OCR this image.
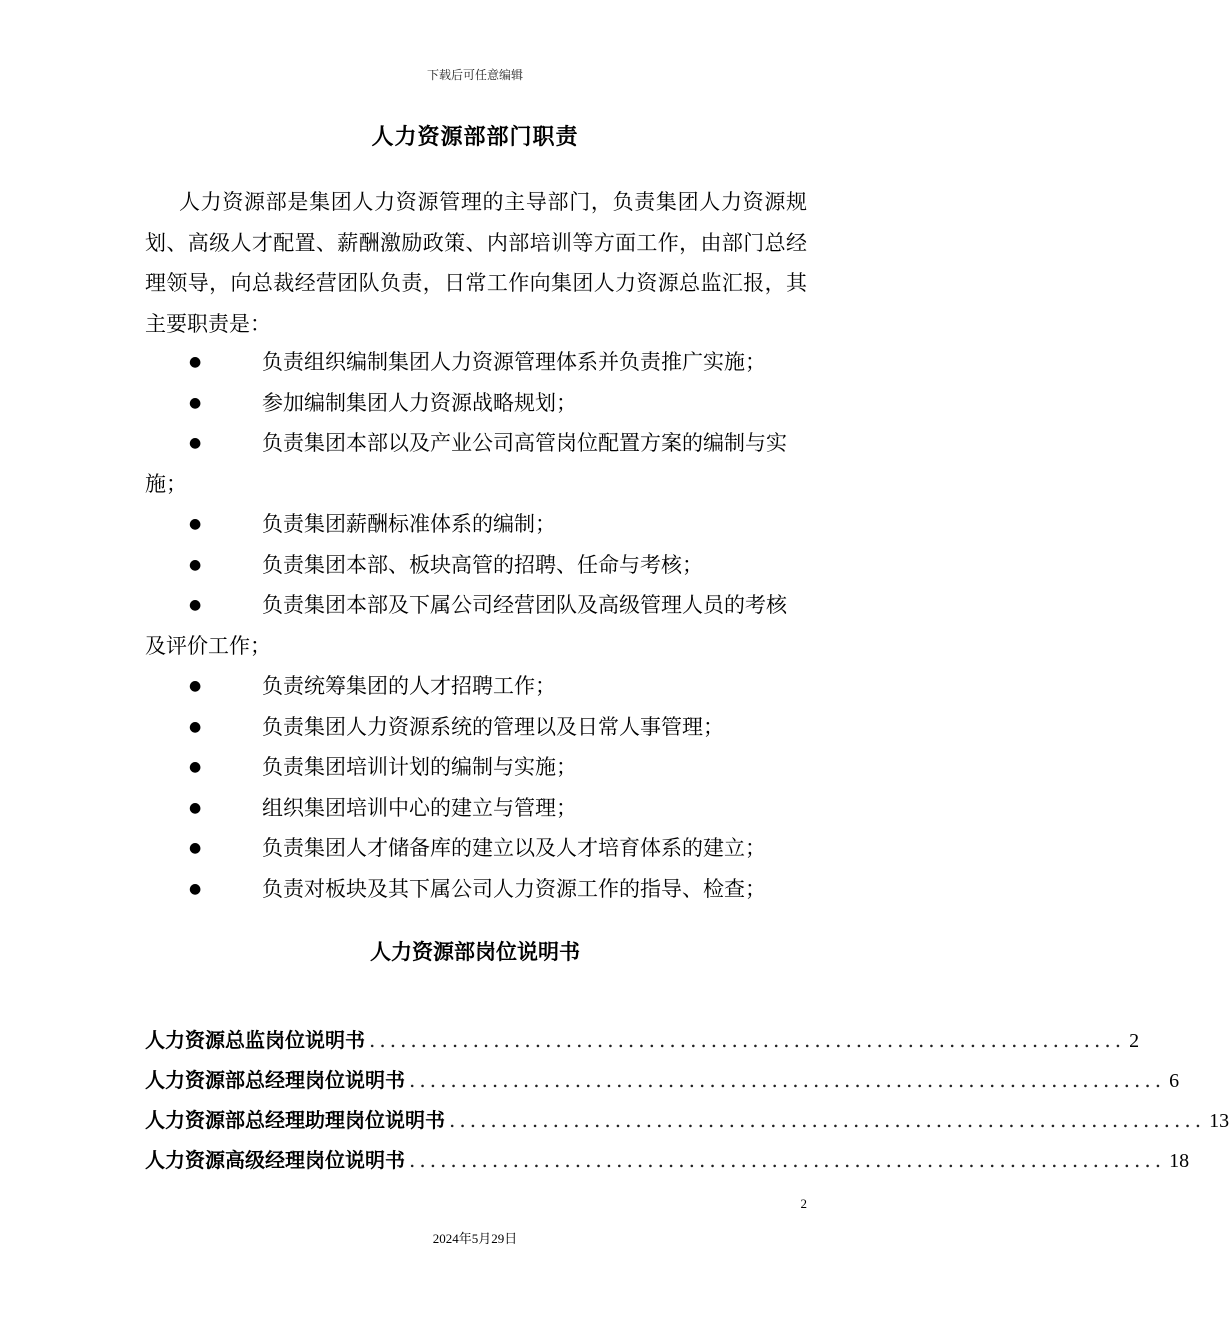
下载后可任意编辑
人力资源部部门职责
人力资源部是集团人力资源管理的主导部门，负责集团人力资源规划、高级人才配置、薪酬激励政策、内部培训等方面工作，由部门总经理领导，向总裁经营团队负责，日常工作向集团人力资源总监汇报，其主要职责是：
●	负责组织编制集团人力资源管理体系并负责推广实施；
●	参加编制集团人力资源战略规划；
●	负责集团本部以及产业公司高管岗位配置方案的编制与实施；
●	负责集团薪酬标准体系的编制；
●	负责集团本部、板块高管的招聘、任命与考核；
●	负责集团本部及下属公司经营团队及高级管理人员的考核及评价工作；
●	负责统筹集团的人才招聘工作；
●	负责集团人力资源系统的管理以及日常人事管理；
●	负责集团培训计划的编制与实施；
●	组织集团培训中心的建立与管理；
●	负责集团人才储备库的建立以及人才培育体系的建立；
●	负责对板块及其下属公司人力资源工作的指导、检查；
人力资源部岗位说明书
人力资源总监岗位说明书 ......................................................................... 2
人力资源部总经理岗位说明书 ......................................................................... 6
人力资源部总经理助理岗位说明书 ......................................................................... 13
人力资源高级经理岗位说明书 ......................................................................... 18
2
2024年5月29日
